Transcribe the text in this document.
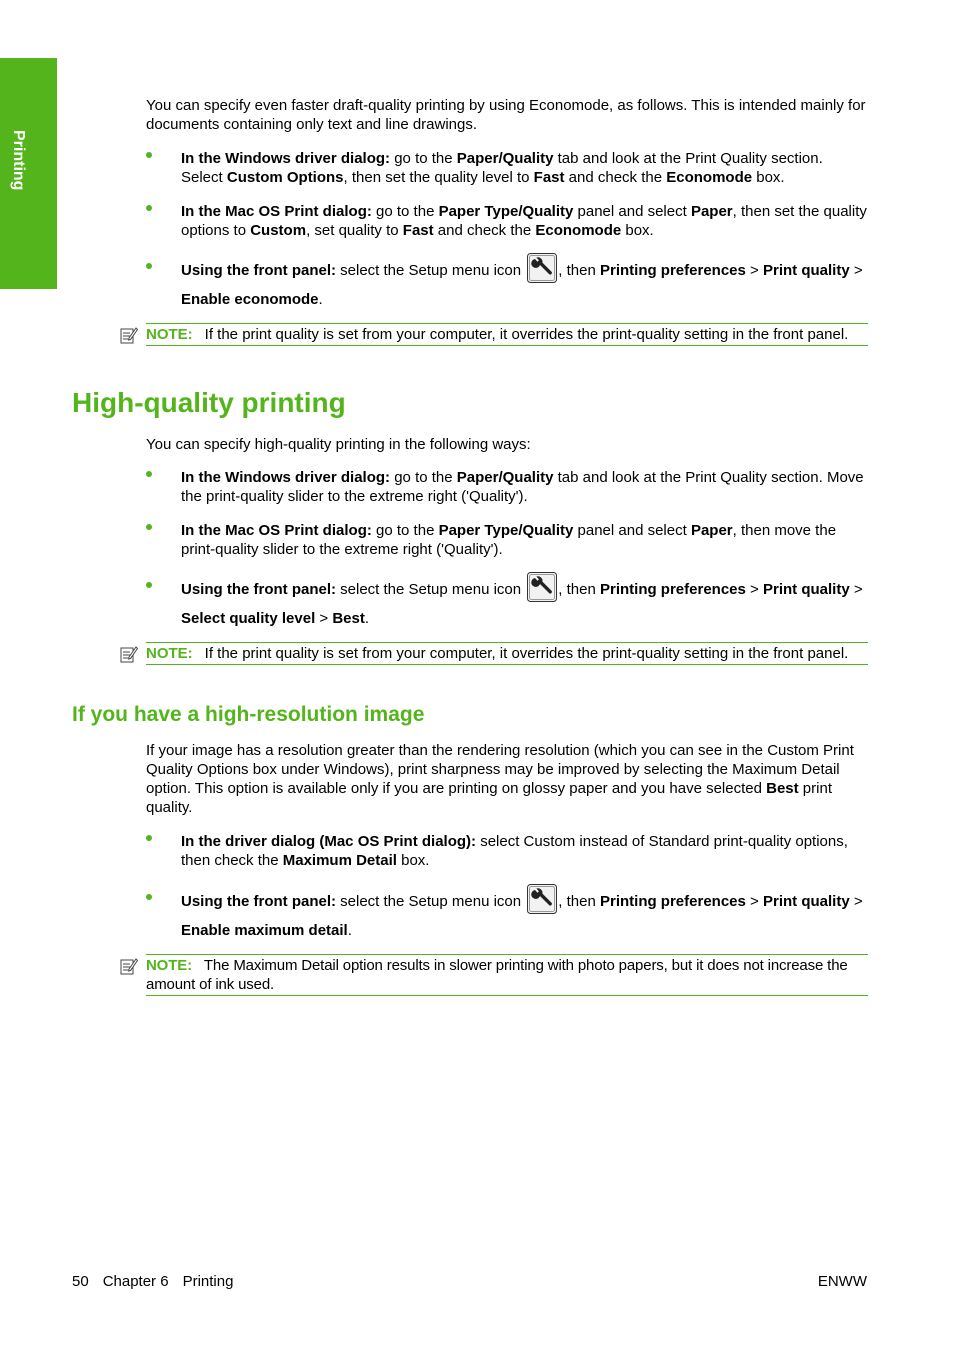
Printing

You can specify even faster draft-quality printing by using Economode, as follows. This is intended mainly for documents containing only text and line drawings.

In the Windows driver dialog: go to the Paper/Quality tab and look at the Print Quality section. Select Custom Options, then set the quality level to Fast and check the Economode box.
In the Mac OS Print dialog: go to the Paper Type/Quality panel and select Paper, then set the quality options to Custom, set quality to Fast and check the Economode box.
Using the front panel: select the Setup menu icon , then Printing preferences > Print quality > Enable economode.
NOTE: If the print quality is set from your computer, it overrides the print-quality setting in the front panel.
High-quality printing

You can specify high-quality printing in the following ways:

In the Windows driver dialog: go to the Paper/Quality tab and look at the Print Quality section. Move the print-quality slider to the extreme right ('Quality').
In the Mac OS Print dialog: go to the Paper Type/Quality panel and select Paper, then move the print-quality slider to the extreme right ('Quality').
Using the front panel: select the Setup menu icon , then Printing preferences > Print quality > Select quality level > Best.
NOTE: If the print quality is set from your computer, it overrides the print-quality setting in the front panel.
If you have a high-resolution image

If your image has a resolution greater than the rendering resolution (which you can see in the Custom Print Quality Options box under Windows), print sharpness may be improved by selecting the Maximum Detail option. This option is available only if you are printing on glossy paper and you have selected Best print quality.

In the driver dialog (Mac OS Print dialog): select Custom instead of Standard print-quality options, then check the Maximum Detail box.
Using the front panel: select the Setup menu icon , then Printing preferences > Print quality > Enable maximum detail.
NOTE: The Maximum Detail option results in slower printing with photo papers, but it does not increase the amount of ink used.
50 Chapter 6 Printing	ENWW
